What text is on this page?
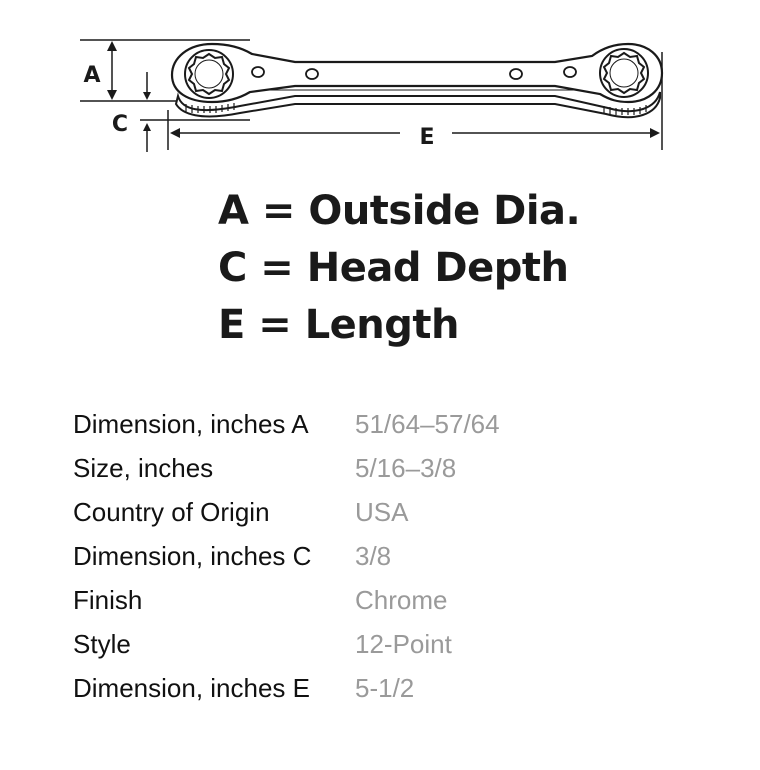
A
C
E
A = Outside Dia.
C = Head Depth
E = Length
Dimension, inches A	51/64–57/64
Size, inches	5/16–3/8
Country of Origin	USA
Dimension, inches C	3/8
Finish	Chrome
Style	12-Point
Dimension, inches E	5-1/2
